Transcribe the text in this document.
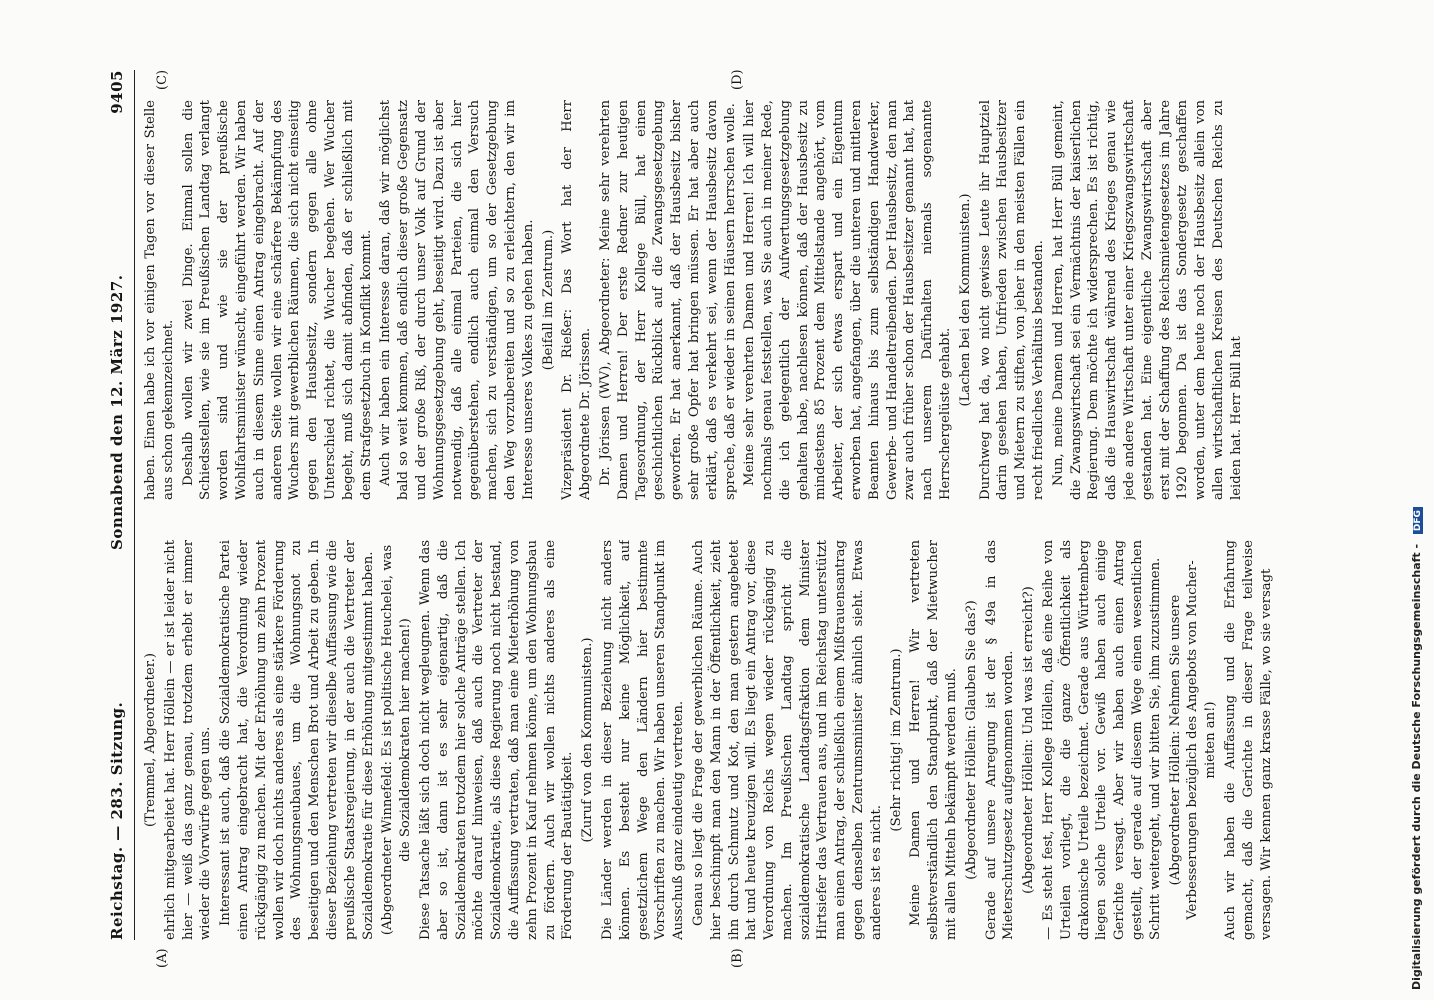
Reichstag. — 283. Sitzung.
Sonnabend den 12. März 1927.
9405
(A)	(B)
(C)	(D)

(Tremmel, Abgeordneter.) ehrlich mitgearbeitet hat. Herr Höllein — er ist leider nicht hier — weiß das ganz genau, trotzdem erhebt er immer wieder die Vorwürfe gegen uns. Interessant ist auch, daß die Sozialdemokratische Partei einen Antrag eingebracht hat, die Verordnung wieder rückgängig zu machen. Mit der Erhöhung um zehn Prozent wollen wir doch nichts anderes als eine stärkere Förderung des Wohnungsneubaues, um die Wohnungsnot zu beseitigen und den Menschen Brot und Arbeit zu geben. In dieser Beziehung vertreten wir dieselbe Auffassung wie die preußische Staatsregierung, in der auch die Vertreter der Sozialdemokratie für diese Erhöhung mitgestimmt haben. (Abgeordneter Winnefeld: Es ist politische Heuchelei, was die Sozialdemokraten hier machen!) Diese Tatsache läßt sich doch nicht wegleugnen. Wenn das aber so ist, dann ist es sehr eigenartig, daß die Sozialdemokraten trotzdem hier solche Anträge stellen. Ich möchte darauf hinweisen, daß auch die Vertreter der Sozialdemokratie, als diese Regierung noch nicht bestand, die Auffassung vertraten, daß man eine Mieterhöhung von zehn Prozent in Kauf nehmen könne, um den Wohnungsbau zu fördern. Auch wir wollen nichts anderes als eine Förderung der Bautätigkeit.

(Zuruf von den Kommunisten.) Die Länder werden in dieser Beziehung nicht anders können. Es besteht nur keine Möglichkeit, auf gesetzlichem Wege den Ländern hier bestimmte Vorschriften zu machen. Wir haben unseren Standpunkt im Ausschuß ganz eindeutig vertreten. Genau so liegt die Frage der gewerblichen Räume. Auch hier beschimpft man den Mann in der Öffentlichkeit, zieht ihn durch Schmutz und Kot, den man gestern angebetet hat und heute kreuzigen will. Es liegt ein Antrag vor, diese Verordnung von Reichs wegen wieder rückgängig zu machen. Im Preußischen Landtag spricht die sozialdemokratische Landtagsfraktion dem Minister Hirtsiefer das Vertrauen aus, und im Reichstag unterstützt man einen Antrag, der schließlich einem Mißtrauensantrag gegen denselben Zentrumsminister ähnlich sieht. Etwas anderes ist es nicht.

(Sehr richtig! im Zentrum.) Meine Damen und Herren! Wir vertreten selbstverständlich den Standpunkt, daß der Mietwucher mit allen Mitteln bekämpft werden muß. (Abgeordneter Höllein: Glauben Sie das?) Gerade auf unsere Anregung ist der § 49a in das Mieterschutzgesetz aufgenommen worden. (Abgeordneter Höllein: Und was ist erreicht?) — Es steht fest, Herr Kollege Höllein, daß eine Reihe von Urteilen vorliegt, die die ganze Öffentlichkeit als drakonische Urteile bezeichnet. Gerade aus Württemberg liegen solche Urteile vor. Gewiß haben auch einige Gerichte versagt. Aber wir haben auch einen Antrag gestellt, der gerade auf diesem Wege einen wesentlichen Schritt weitergeht, und wir bitten Sie, ihm zuzustimmen. (Abgeordneter Höllein: Nehmen Sie unsere Verbesserungen bezüglich des Angebots von Mucher-mieten an!) Auch wir haben die Auffassung und die Erfahrung gemacht, daß die Gerichte in dieser Frage teilweise versagen. Wir kennen ganz krasse Fälle, wo sie versagt

haben. Einen habe ich vor einigen Tagen vor dieser Stelle aus schon gekennzeichnet. Deshalb wollen wir zwei Dinge. Einmal sollen die Schiedsstellen, wie sie im Preußischen Landtag verlangt worden sind und wie sie der preußische Wohlfahrtsminister wünscht, eingeführt werden. Wir haben auch in diesem Sinne einen Antrag eingebracht. Auf der anderen Seite wollen wir eine schärfere Bekämpfung des Wuchers mit gewerblichen Räumen, die sich nicht einseitig gegen den Hausbesitz, sondern gegen alle ohne Unterschied richtet, die Wucher begehen. Wer Wucher begeht, muß sich damit abfinden, daß er schließlich mit dem Strafgesetzbuch in Konflikt kommt. Auch wir haben ein Interesse daran, daß wir möglichst bald so weit kommen, daß endlich dieser große Gegensatz und der große Riß, der durch unser Volk auf Grund der Wohnungsgesetzgebung geht, beseitigt wird. Dazu ist aber notwendig, daß alle einmal Parteien, die sich hier gegenüberstehen, endlich auch einmal den Versuch machen, sich zu verständigen, um so der Gesetzgebung den Weg vorzubereiten und so zu erleichtern, den wir im Interesse unseres Volkes zu gehen haben. (Beifall im Zentrum.) Vizepräsident Dr. Rießer: Das Wort hat der Herr Abgeordnete Dr. Jörissen. Dr. Jörissen (WV), Abgeordneter: Meine sehr verehrten Damen und Herren! Der erste Redner zur heutigen Tagesordnung, der Herr Kollege Büll, hat einen geschichtlichen Rückblick auf die Zwangsgesetzgebung geworfen. Er hat anerkannt, daß der Hausbesitz bisher sehr große Opfer hat bringen müssen. Er hat aber auch erklärt, daß es verkehrt sei, wenn der Hausbesitz davon spreche, daß er wieder in seinen Häusern herrschen wolle. Meine sehr verehrten Damen und Herren! Ich will hier nochmals genau feststellen, was Sie auch in meiner Rede, die ich gelegentlich der Aufwertungsgesetzgebung gehalten habe, nachlesen können, daß der Hausbesitz zu mindestens 85 Prozent dem Mittelstande angehört, vom Arbeiter, der sich etwas erspart und ein Eigentum erworben hat, angefangen, über die unteren und mittleren Beamten hinaus bis zum selbständigen Handwerker, Gewerbe- und Handeltreibenden. Der Hausbesitz, den man zwar auch früher schon der Hausbesitzer genannt hat, hat nach unserem Dafürhalten niemals sogenannte Herrschergelüste gehabt.

(Lachen bei den Kommunisten.) Durchweg hat da, wo nicht gewisse Leute ihr Hauptziel darin gesehen haben, Unfrieden zwischen Hausbesitzer und Mietern zu stiften, von jeher in den meisten Fällen ein recht friedliches Verhältnis bestanden. Nun, meine Damen und Herren, hat Herr Büll gemeint, die Zwangswirtschaft sei ein Vermächtnis der kaiserlichen Regierung. Dem möchte ich widersprechen. Es ist richtig, daß die Hauswirtschaft während des Krieges genau wie jede andere Wirtschaft unter einer Kriegszwangswirtschaft gestanden hat. Eine eigentliche Zwangswirtschaft aber erst mit der Schaffung des Reichsmietengesetzes im Jahre 1920 begonnen. Da ist das Sondergesetz geschaffen worden, unter dem heute noch der Hausbesitz allein von allen wirtschaftlichen Kreisen des Deutschen Reichs zu leiden hat. Herr Büll hat

Digitalisierung gefördert durch die Deutsche Forschungsgemeinschaft - DFG
